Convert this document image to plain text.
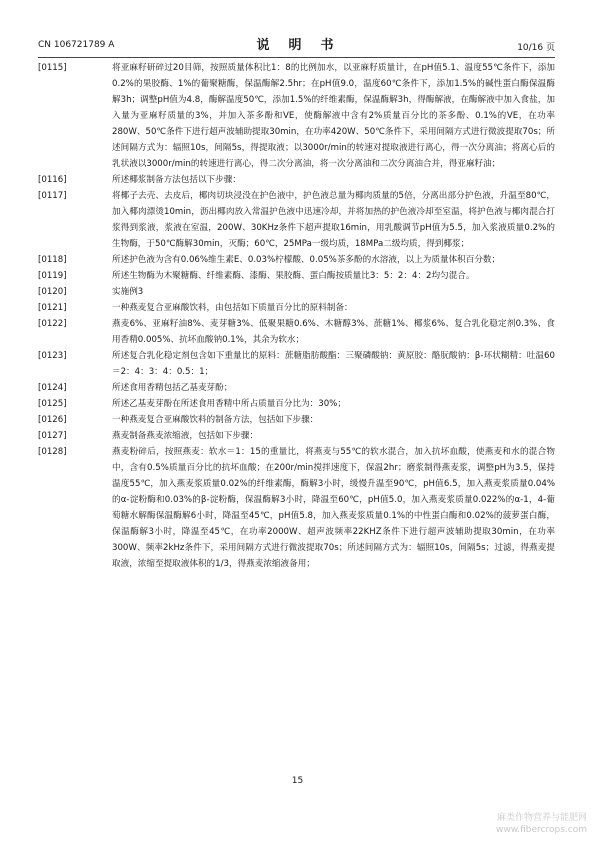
CN 106721789 A	说　明　书	10/16 页
[0115]	将亚麻籽研碎过20目筛，按照质量体积比1：8的比例加水，以亚麻籽质量计，在pH值5.1、温度55℃条件下，添加0.2%的果胶酶、1%的葡聚糖酶，保温酶解2.5hr；在pH值9.0，温度60℃条件下，添加1.5%的碱性蛋白酶保温酶解3h；调整pH值为4.8，酶解温度50℃，添加1.5%的纤维素酶，保温酶解3h，得酶解液，在酶解液中加入食盐，加入量为亚麻籽质量的3%，并加入茶多酚和VE，使酶解液中含有2%质量百分比的茶多酚、0.1%的VE，在功率280W、50℃条件下进行超声波辅助提取30min，在功率420W、50℃条件下，采用间隔方式进行微波提取70s；所述间隔方式为：辐照10s，间隔5s，得提取液；以3000r/min的转速对提取液进行离心，得一次分离油；将离心后的乳状液以3000r/min的转速进行离心，得二次分离油，将一次分离油和二次分离油合并，得亚麻籽油；
[0116]	所述椰浆制备方法包括以下步骤：
[0117]	将椰子去壳、去皮后，椰肉切块浸没在护色液中，护色液总量为椰肉质量的5倍，分离出部分护色液，升温至80℃，加入椰肉漂烫10min，沥出椰肉放入常温护色液中迅速冷却，并将加热的护色液冷却至室温，将护色液与椰肉混合打浆得到浆液，浆液在室温，200W、30KHz条件下超声提取16min，用乳酸调节pH值为5.5，加入浆液质量0.2%的生物酶，于50℃酶解30min，灭酶；60℃，25MPa一级均质，18MPa二级均质，得到椰浆；
[0118]	所述护色液为含有0.06%维生素E、0.03%柠檬酸、0.05%茶多酚的水溶液，以上为质量体积百分数；
[0119]	所述生物酶为木聚糖酶、纤维素酶、漆酶、果胶酶、蛋白酶按质量比3：5：2：4：2均匀混合。
[0120]	实施例3
[0121]	一种燕麦复合亚麻酸饮料，由包括如下质量百分比的原料制备：
[0122]	燕麦6%、亚麻籽油8%、麦芽糖3%、低聚果糖0.6%、木糖醇3%、蔗糖1%、椰浆6%、复合乳化稳定剂0.3%、食用香精0.005%、抗坏血酸钠0.1%，其余为软水；
[0123]	所述复合乳化稳定剂包含如下重量比的原料：蔗糖脂肪酸酯：三聚磷酸钠：黄原胶：酪朊酸钠：β-环状糊精：吐温60＝2：4：3：4：0.5：1；
[0124]	所述食用香精包括乙基麦芽酚；
[0125]	所述乙基麦芽酚在所述食用香精中所占质量百分比为：30%；
[0126]	一种燕麦复合亚麻酸饮料的制备方法，包括如下步骤：
[0127]	燕麦制备燕麦浓缩液，包括如下步骤：
[0128]	燕麦粉碎后，按照燕麦：软水＝1：15的重量比，将燕麦与55℃的软水混合，加入抗坏血酸，使燕麦和水的混合物中，含有0.5%质量百分比的抗坏血酸；在200r/min搅拌速度下，保温2hr；磨浆制得燕麦浆，调整pH为3.5，保持温度55℃，加入燕麦浆质量0.02%的纤维素酶，酶解3小时，缓慢升温至90℃，pH值6.5，加入燕麦浆质量0.04%的α-淀粉酶和0.03%的β-淀粉酶，保温酶解3小时，降温至60℃，pH值5.0，加入燕麦浆质量0.022%的α-1，4-葡萄糖水解酶保温酶解6小时，降温至45℃，pH值5.8，加入燕麦浆质量0.1%的中性蛋白酶和0.02%的菠萝蛋白酶，保温酶解3小时，降温至45℃，在功率2000W、超声波频率22KHZ条件下进行超声波辅助提取30min，在功率300W、频率2kHz条件下，采用间隔方式进行微波提取70s；所述间隔方式为：辐照10s，间隔5s；过滤，得燕麦提取液，浓缩至提取液体积的1/3，得燕麦浓缩液备用；
15
麻类作物营养与能肥网
www.fibercrops.com
